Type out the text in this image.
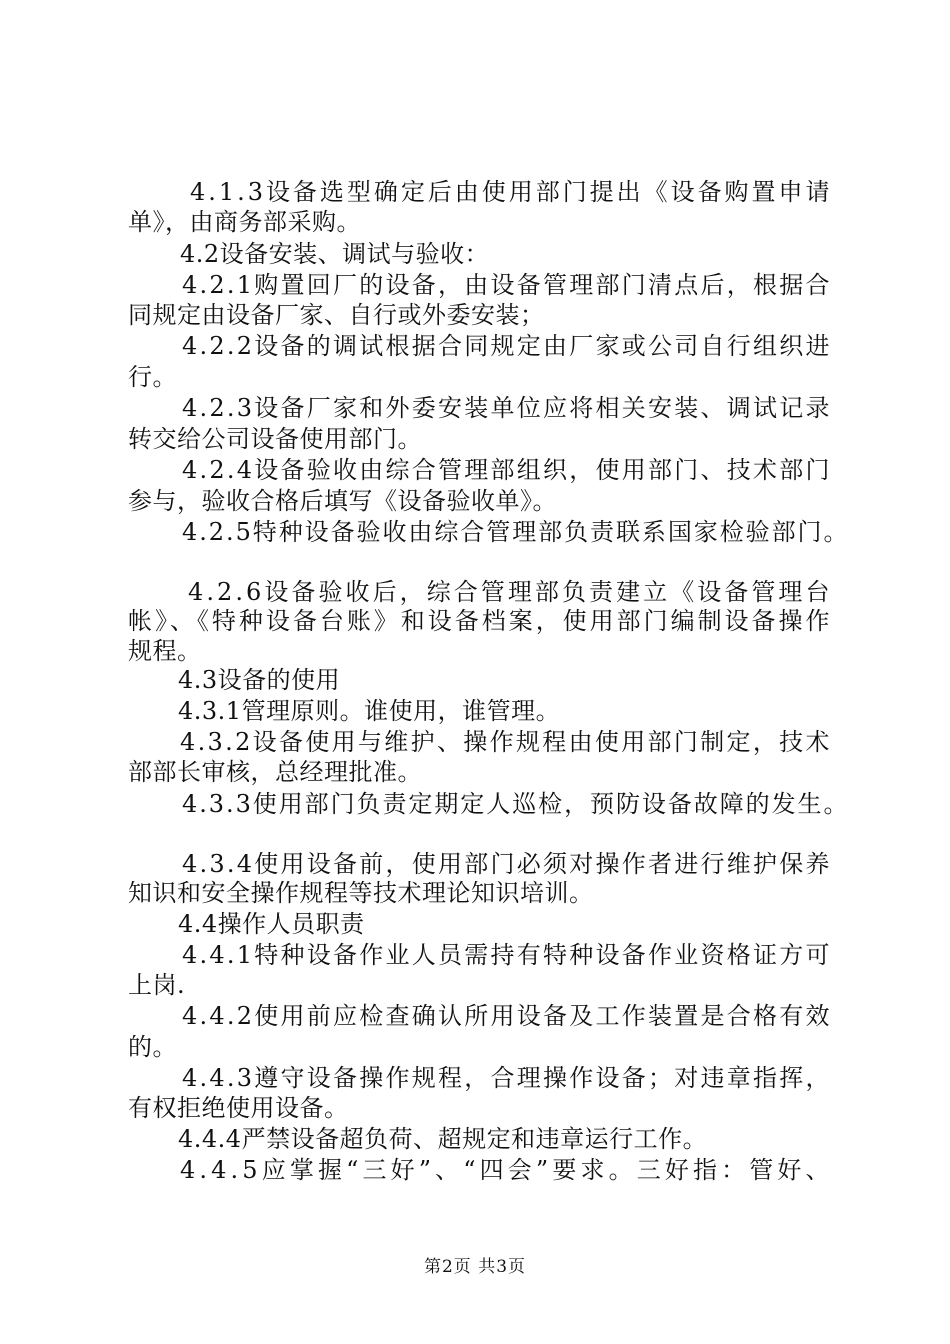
4.1.3设备选型确定后由使用部门提出《设备购置申请
单》，由商务部采购。
4.2设备安装、调试与验收：
4.2.1购置回厂的设备，由设备管理部门清点后，根据合
同规定由设备厂家、自行或外委安装；
4.2.2设备的调试根据合同规定由厂家或公司自行组织进
行。
4.2.3设备厂家和外委安装单位应将相关安装、调试记录
转交给公司设备使用部门。
4.2.4设备验收由综合管理部组织，使用部门、技术部门
参与，验收合格后填写《设备验收单》。
4.2.5特种设备验收由综合管理部负责联系国家检验部门。
4.2.6设备验收后，综合管理部负责建立《设备管理台
帐》、《特种设备台账》和设备档案，使用部门编制设备操作
规程。
4.3设备的使用
4.3.1管理原则。谁使用，谁管理。
4.3.2设备使用与维护、操作规程由使用部门制定，技术
部部长审核，总经理批准。
4.3.3使用部门负责定期定人巡检，预防设备故障的发生。
4.3.4使用设备前，使用部门必须对操作者进行维护保养
知识和安全操作规程等技术理论知识培训。
4.4操作人员职责
4.4.1特种设备作业人员需持有特种设备作业资格证方可
上岗.
4.4.2使用前应检查确认所用设备及工作装置是合格有效
的。
4.4.3遵守设备操作规程，合理操作设备；对违章指挥，
有权拒绝使用设备。
4.4.4严禁设备超负荷、超规定和违章运行工作。
4.4.5应掌握“三好”、“四会”要求。三好指：管好、
第2页 共3页
